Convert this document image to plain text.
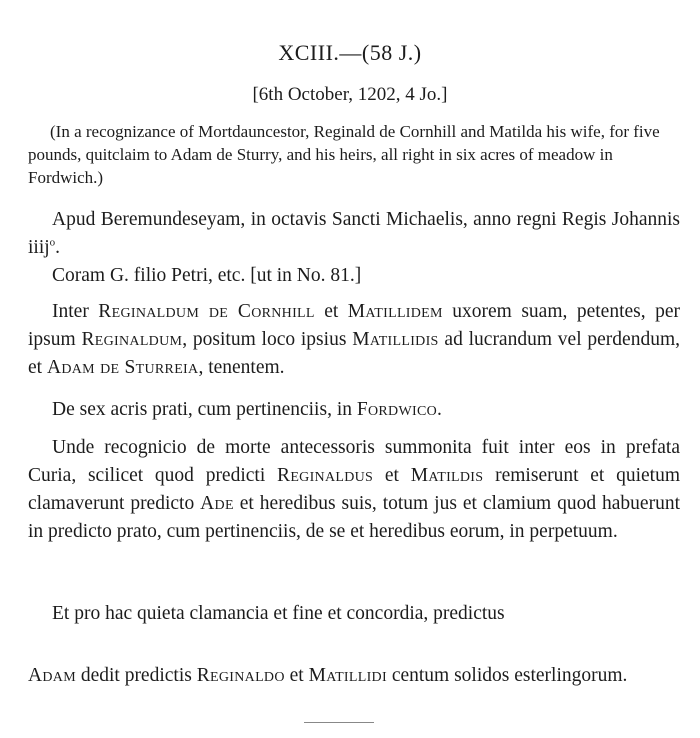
XCIII.—(58 J.)
[6th October, 1202, 4 Jo.]

(In a recognizance of Mortdauncestor, Reginald de Cornhill and Matilda his wife, for five pounds, quitclaim to Adam de Sturry, and his heirs, all right in six acres of meadow in Fordwich.)

Apud Beremundeseyam, in octavis Sancti Michaelis, anno regni Regis Johannis iiij$^o$.

Coram G. filio Petri, etc. [ut in No. 81.]

Inter Reginaldum de Cornhill et Matillidem uxorem suam, petentes, per ipsum Reginaldum, positum loco ipsius Matillidis ad lucrandum vel perdendum, et Adam de Sturreia, tenentem.

De sex acris prati, cum pertinenciis, in Fordwico.

Unde recognicio de morte antecessoris summonita fuit inter eos in prefata Curia, scilicet quod predicti Reginaldus et Matildis remiserunt et quietum clamaverunt predicto Ade et heredibus suis, totum jus et clamium quod habuerunt in predicto prato, cum pertinenciis, de se et heredibus eorum, in perpetuum.

Et pro hac quieta clamancia et fine et concordia, predictus

Adam dedit predictis Reginaldo et Matillidi centum solidos esterlingorum.
